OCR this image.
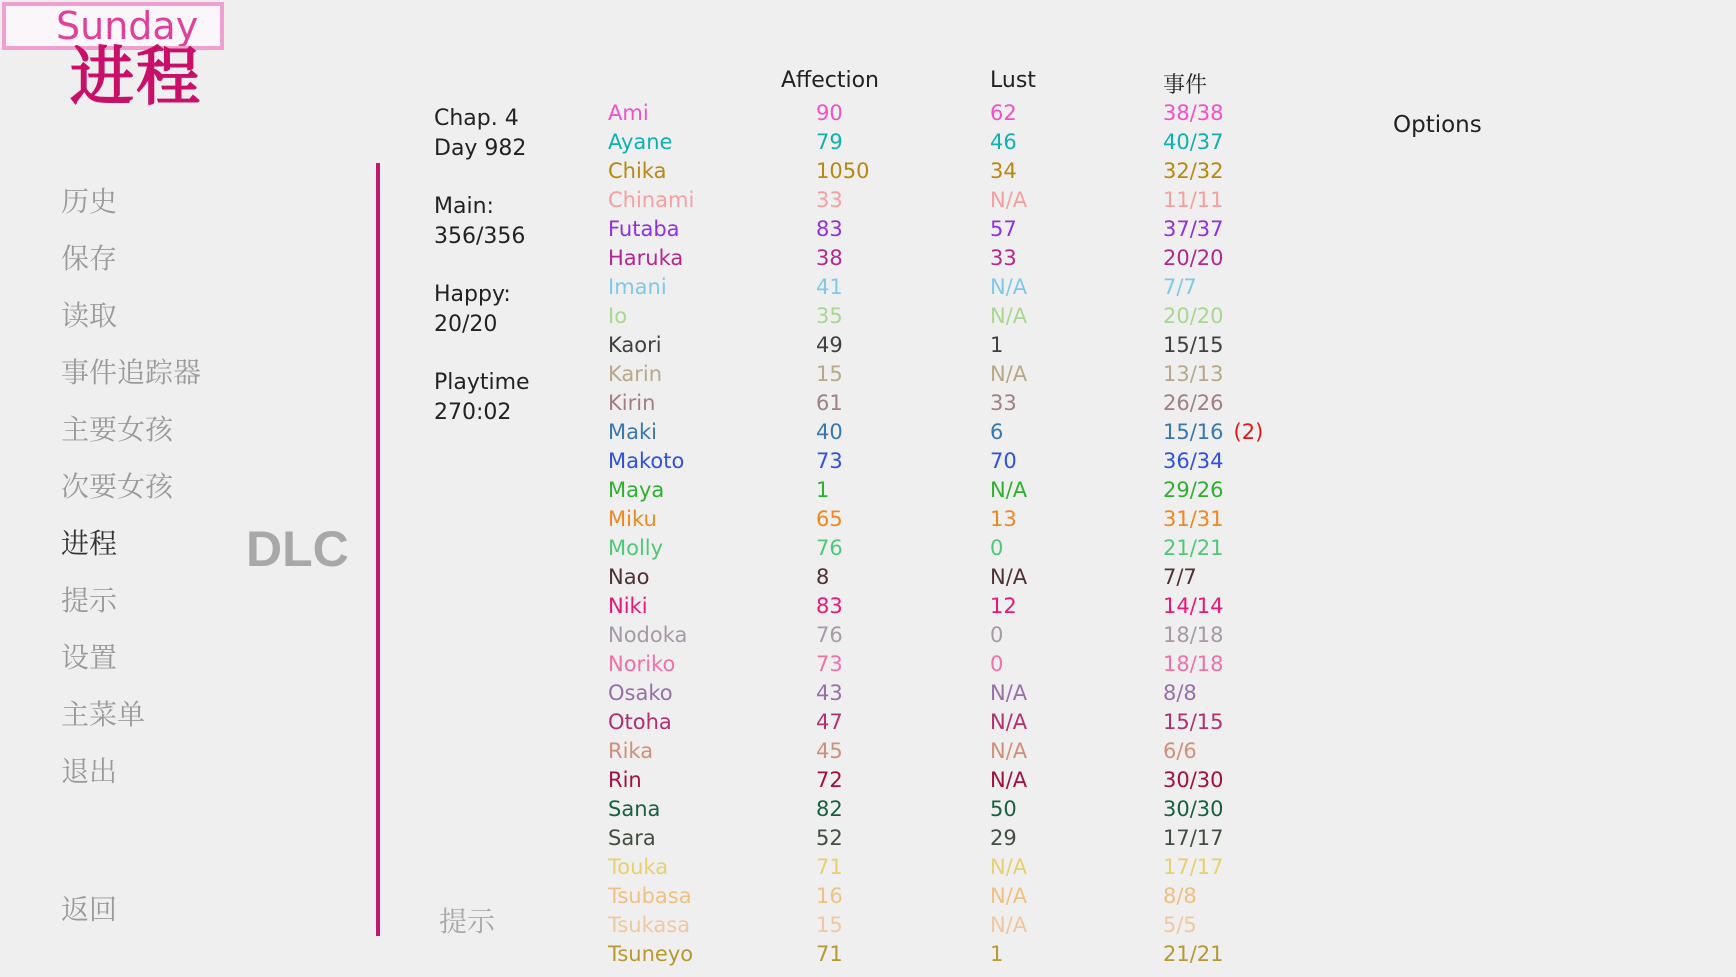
Sunday
进程
历史
保存
读取
事件追踪器
主要女孩
次要女孩
进程
提示
设置
主菜单
退出
DLC
返回
Chap. 4
Day 982
Main:
356/356
Happy:
20/20
Playtime
270:02
提示
Options
Affection	Lust	事件
Ami	90	62	38/38
Ayane	79	46	40/37
Chika	1050	34	32/32
Chinami	33	N/A	11/11
Futaba	83	57	37/37
Haruka	38	33	20/20
Imani	41	N/A	7/7
Io	35	N/A	20/20
Kaori	49	1	15/15
Karin	15	N/A	13/13
Kirin	61	33	26/26
Maki	40	6	15/16 (2)
Makoto	73	70	36/34
Maya	1	N/A	29/26
Miku	65	13	31/31
Molly	76	0	21/21
Nao	8	N/A	7/7
Niki	83	12	14/14
Nodoka	76	0	18/18
Noriko	73	0	18/18
Osako	43	N/A	8/8
Otoha	47	N/A	15/15
Rika	45	N/A	6/6
Rin	72	N/A	30/30
Sana	82	50	30/30
Sara	52	29	17/17
Touka	71	N/A	17/17
Tsubasa	16	N/A	8/8
Tsukasa	15	N/A	5/5
Tsuneyo	71	1	21/21
